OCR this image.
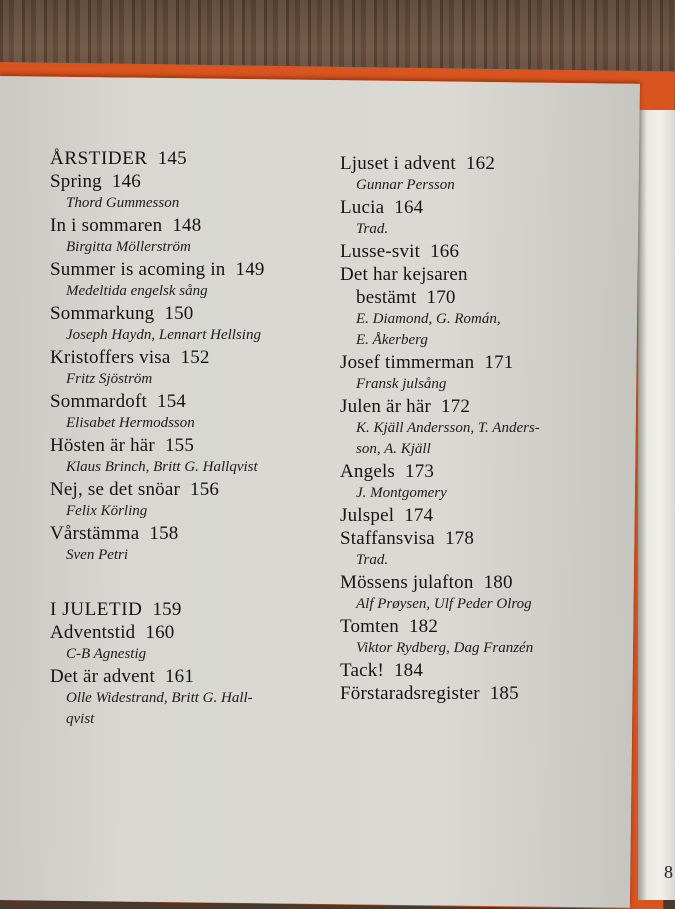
8
ÅRSTIDER 145
Spring 146
Thord Gummesson
In i sommaren 148
Birgitta Möllerström
Summer is acoming in 149
Medeltida engelsk sång
Sommarkung 150
Joseph Haydn, Lennart Hellsing
Kristoffers visa 152
Fritz Sjöström
Sommardoft 154
Elisabet Hermodsson
Hösten är här 155
Klaus Brinch, Britt G. Hallqvist
Nej, se det snöar 156
Felix Körling
Vårstämma 158
Sven Petri
I JULETID 159
Adventstid 160
C-B Agnestig
Det är advent 161
Olle Widestrand, Britt G. Hall-
qvist
Ljuset i advent 162
Gunnar Persson
Lucia 164
Trad.
Lusse-svit 166
Det har kejsaren
bestämt 170
E. Diamond, G. Román,
E. Åkerberg
Josef timmerman 171
Fransk julsång
Julen är här 172
K. Kjäll Andersson, T. Anders-
son, A. Kjäll
Angels 173
J. Montgomery
Julspel 174
Staffansvisa 178
Trad.
Mössens julafton 180
Alf Prøysen, Ulf Peder Olrog
Tomten 182
Viktor Rydberg, Dag Franzén
Tack! 184
Förstaradsregister 185
